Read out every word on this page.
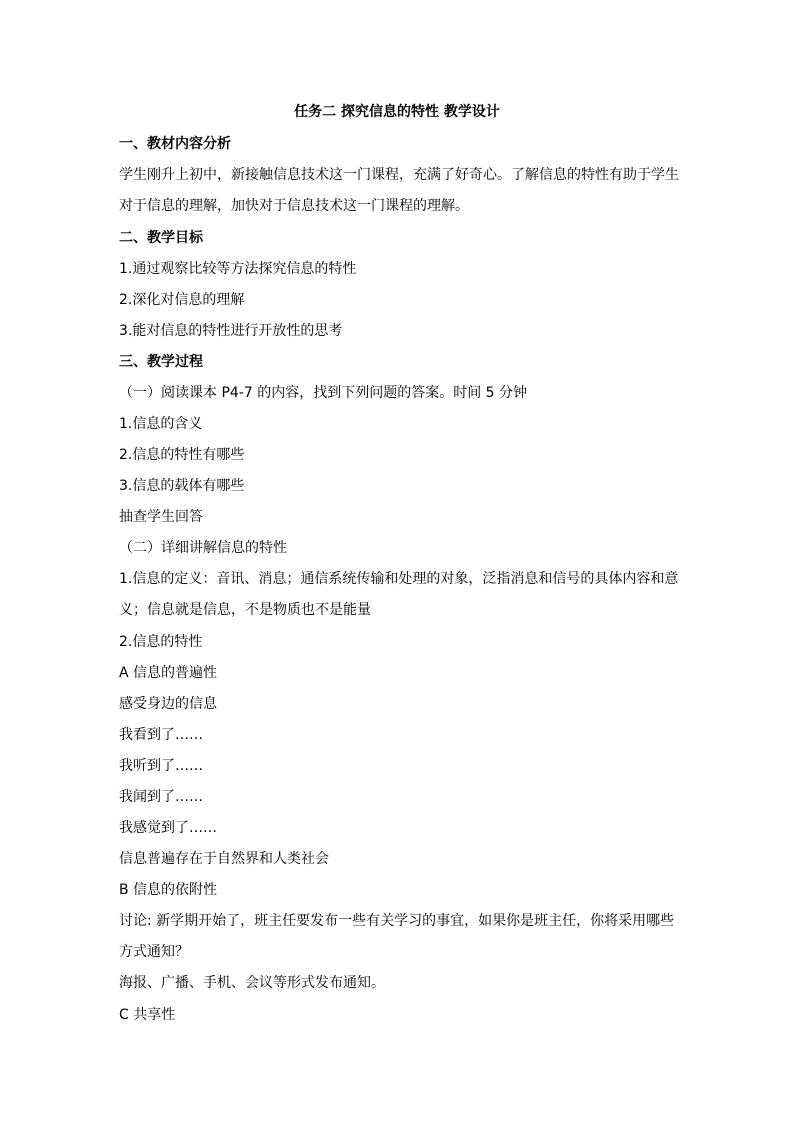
任务二 探究信息的特性 教学设计
一、教材内容分析
学生刚升上初中，新接触信息技术这一门课程，充满了好奇心。了解信息的特性有助于学生
对于信息的理解，加快对于信息技术这一门课程的理解。
二、教学目标
1.通过观察比较等方法探究信息的特性
2.深化对信息的理解
3.能对信息的特性进行开放性的思考
三、教学过程
（一）阅读课本 P4-7 的内容，找到下列问题的答案。时间 5 分钟
1.信息的含义
2.信息的特性有哪些
3.信息的载体有哪些
抽查学生回答
（二）详细讲解信息的特性
1.信息的定义：音讯、消息；通信系统传输和处理的对象，泛指消息和信号的具体内容和意
义；信息就是信息，不是物质也不是能量
2.信息的特性
A 信息的普遍性
感受身边的信息
我看到了……
我听到了……
我闻到了……
我感觉到了……
信息普遍存在于自然界和人类社会
B 信息的依附性
讨论: 新学期开始了，班主任要发布一些有关学习的事宜，如果你是班主任，你将采用哪些
方式通知？
海报、广播、手机、会议等形式发布通知。
C 共享性
